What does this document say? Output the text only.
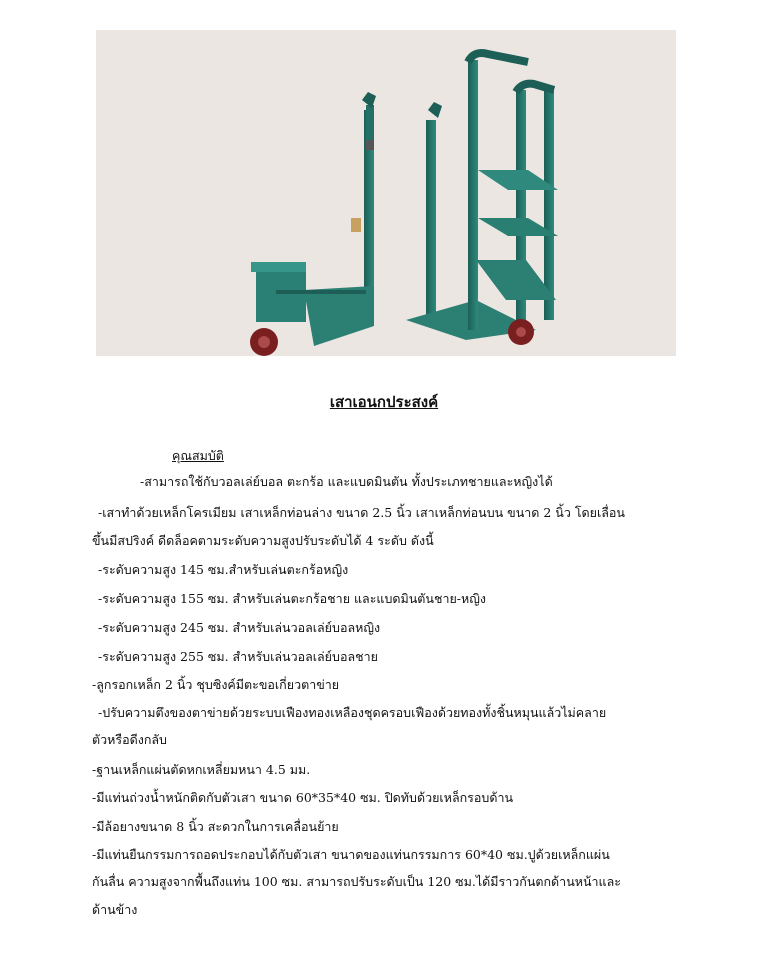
เสาเอนกประสงค์
คุณสมบัติ
-สามารถใช้กับวอลเล่ย์บอล ตะกร้อ และแบดมินตัน ทั้งประเภทชายและหญิงได้
-เสาทำด้วยเหล็กโครเมียม เสาเหล็กท่อนล่าง ขนาด 2.5 นิ้ว เสาเหล็กท่อนบน ขนาด 2 นิ้ว โดยเลื่อน
ขึ้นมีสปริงค์ ดีดล็อคตามระดับความสูงปรับระดับได้ 4 ระดับ ดังนี้
-ระดับความสูง 145 ซม.สำหรับเล่นตะกร้อหญิง
-ระดับความสูง 155 ซม. สำหรับเล่นตะกร้อชาย และแบดมินตันชาย-หญิง
-ระดับความสูง 245 ซม. สำหรับเล่นวอลเล่ย์บอลหญิง
-ระดับความสูง 255 ซม. สำหรับเล่นวอลเล่ย์บอลชาย
-ลูกรอกเหล็ก 2 นิ้ว ชุบซิงค์มีตะขอเกี่ยวตาข่าย
-ปรับความตึงของตาข่ายด้วยระบบเฟืองทองเหลืองชุดครอบเฟืองด้วยทองทั้งชิ้นหมุนแล้วไม่คลาย
ตัวหรือดีงกลับ
-ฐานเหล็กแผ่นตัดหกเหลี่ยมหนา 4.5 มม.
-มีแท่นถ่วงน้ำหนักติดกับตัวเสา ขนาด 60*35*40 ซม. ปิดทับด้วยเหล็กรอบด้าน
-มีล้อยางขนาด 8 นิ้ว สะดวกในการเคลื่อนย้าย
-มีแท่นยืนกรรมการถอดประกอบได้กับตัวเสา ขนาดของแท่นกรรมการ 60*40 ซม.ปูด้วยเหล็กแผ่น
กันลื่น ความสูงจากพื้นถึงแท่น 100 ซม. สามารถปรับระดับเป็น 120 ซม.ได้มีราวกันตกด้านหน้าและ
ด้านข้าง
